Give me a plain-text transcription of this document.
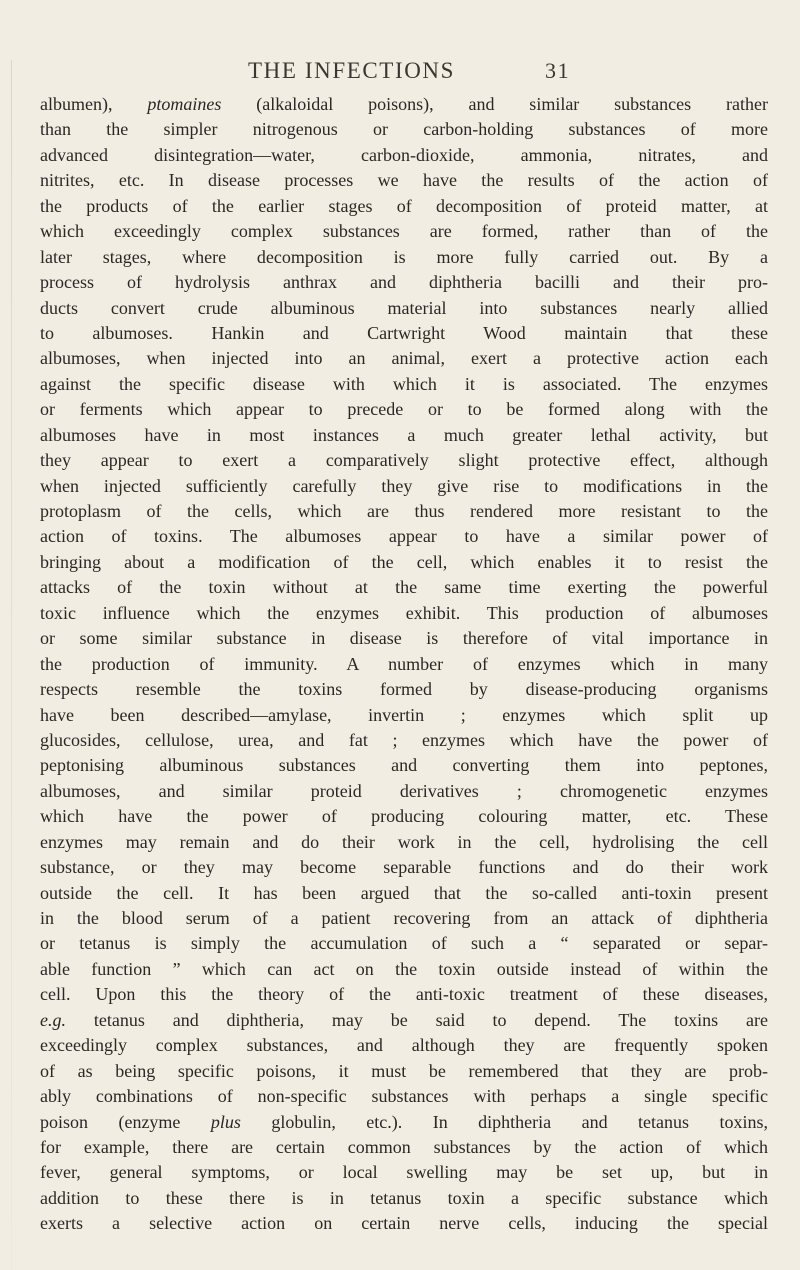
THE INFECTIONS	31
albumen), ptomaines (alkaloidal poisons), and similar substances rather
than the simpler nitrogenous or carbon-holding substances of more
advanced disintegration—water, carbon-dioxide, ammonia, nitrates, and
nitrites, etc. In disease processes we have the results of the action of
the products of the earlier stages of decomposition of proteid matter, at
which exceedingly complex substances are formed, rather than of the
later stages, where decomposition is more fully carried out. By a
process of hydrolysis anthrax and diphtheria bacilli and their pro-
ducts convert crude albuminous material into substances nearly allied
to albumoses. Hankin and Cartwright Wood maintain that these
albumoses, when injected into an animal, exert a protective action each
against the specific disease with which it is associated. The enzymes
or ferments which appear to precede or to be formed along with the
albumoses have in most instances a much greater lethal activity, but
they appear to exert a comparatively slight protective effect, although
when injected sufficiently carefully they give rise to modifications in the
protoplasm of the cells, which are thus rendered more resistant to the
action of toxins. The albumoses appear to have a similar power of
bringing about a modification of the cell, which enables it to resist the
attacks of the toxin without at the same time exerting the powerful
toxic influence which the enzymes exhibit. This production of albumoses
or some similar substance in disease is therefore of vital importance in
the production of immunity. A number of enzymes which in many
respects resemble the toxins formed by disease-producing organisms
have been described—amylase, invertin ; enzymes which split up
glucosides, cellulose, urea, and fat ; enzymes which have the power of
peptonising albuminous substances and converting them into peptones,
albumoses, and similar proteid derivatives ; chromogenetic enzymes
which have the power of producing colouring matter, etc. These
enzymes may remain and do their work in the cell, hydrolising the cell
substance, or they may become separable functions and do their work
outside the cell. It has been argued that the so-called anti-toxin present
in the blood serum of a patient recovering from an attack of diphtheria
or tetanus is simply the accumulation of such a “ separated or separ-
able function ” which can act on the toxin outside instead of within the
cell. Upon this the theory of the anti-toxic treatment of these diseases,
e.g. tetanus and diphtheria, may be said to depend. The toxins are
exceedingly complex substances, and although they are frequently spoken
of as being specific poisons, it must be remembered that they are prob-
ably combinations of non-specific substances with perhaps a single specific
poison (enzyme plus globulin, etc.). In diphtheria and tetanus toxins,
for example, there are certain common substances by the action of which
fever, general symptoms, or local swelling may be set up, but in
addition to these there is in tetanus toxin a specific substance which
exerts a selective action on certain nerve cells, inducing the special
